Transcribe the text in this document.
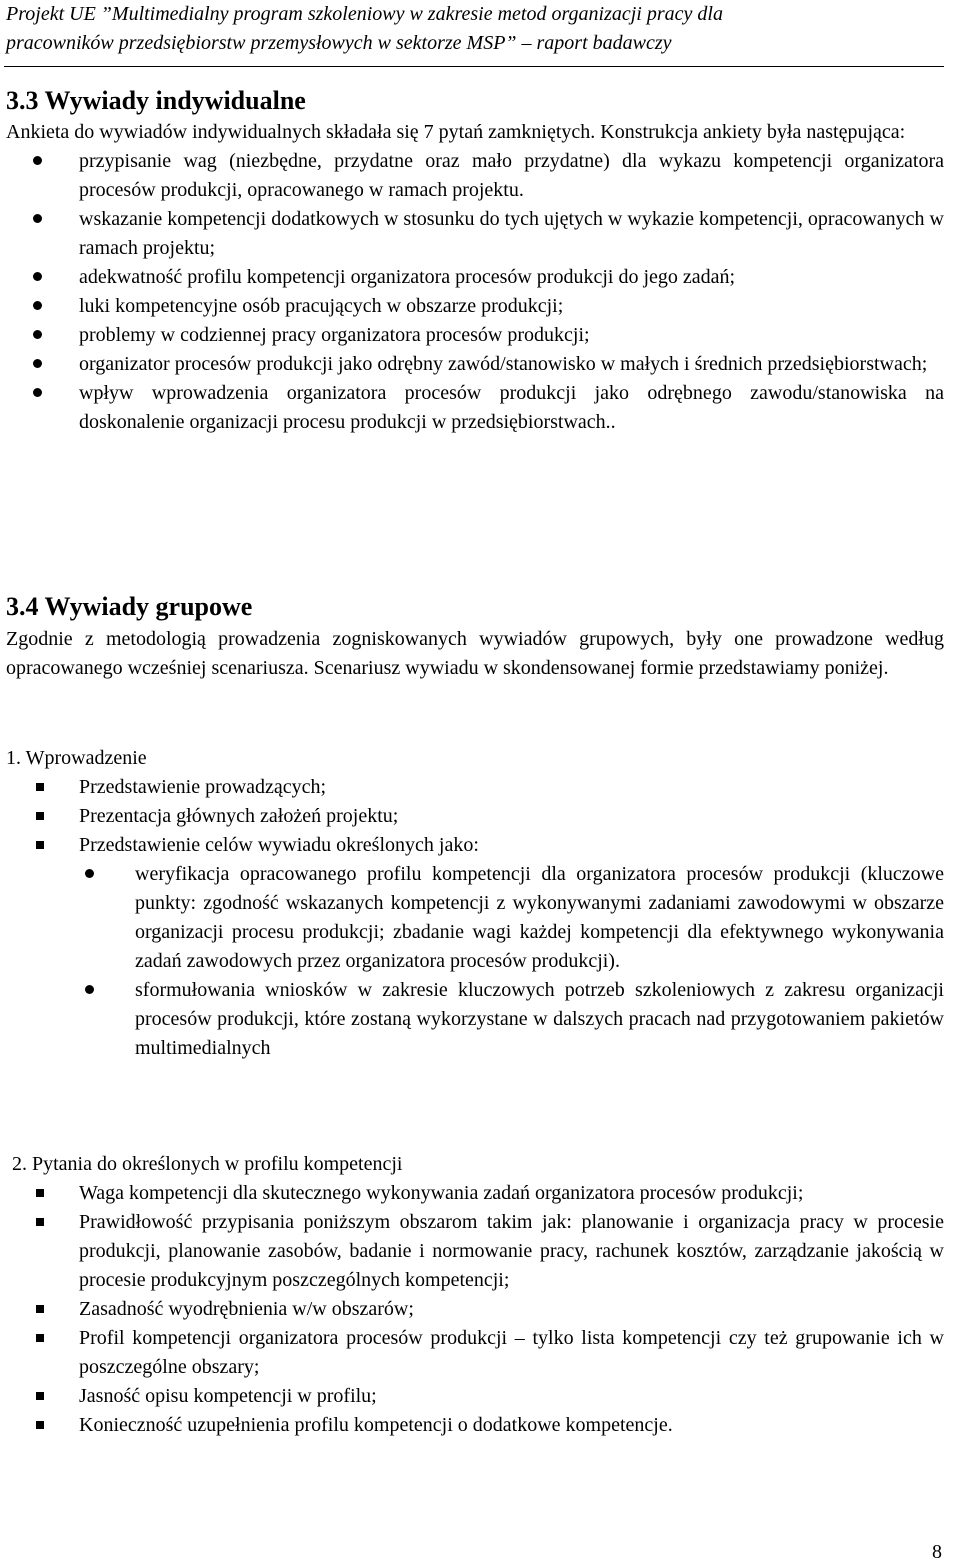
Projekt UE ”Multimedialny program szkoleniowy w zakresie metod organizacji pracy dla
pracowników przedsiębiorstw przemysłowych w sektorze MSP” – raport badawczy
3.3 Wywiady indywidualne
Ankieta do wywiadów indywidualnych składała się 7 pytań zamkniętych. Konstrukcja ankiety była następująca:
przypisanie wag (niezbędne, przydatne oraz mało przydatne) dla wykazu kompetencji organizatora procesów produkcji, opracowanego w ramach projektu.
wskazanie kompetencji dodatkowych w stosunku do tych ujętych w wykazie kompetencji, opracowanych w ramach projektu;
adekwatność profilu kompetencji organizatora procesów produkcji do jego zadań;
luki kompetencyjne osób pracujących w obszarze produkcji;
problemy w codziennej pracy organizatora procesów produkcji;
organizator procesów produkcji jako odrębny zawód/stanowisko w małych i średnich przedsiębiorstwach;
wpływ wprowadzenia organizatora procesów produkcji jako odrębnego zawodu/stanowiska na doskonalenie organizacji procesu produkcji w przedsiębiorstwach..
3.4 Wywiady grupowe
Zgodnie z metodologią prowadzenia zogniskowanych wywiadów grupowych, były one prowadzone według opracowanego wcześniej scenariusza. Scenariusz wywiadu w skondensowanej formie przedstawiamy poniżej.
1. Wprowadzenie
Przedstawienie prowadzących;
Prezentacja głównych założeń projektu;
Przedstawienie celów wywiadu określonych jako:
weryfikacja opracowanego profilu kompetencji dla organizatora procesów produkcji (kluczowe punkty: zgodność wskazanych kompetencji z wykonywanymi zadaniami zawodowymi w obszarze organizacji procesu produkcji; zbadanie wagi każdej kompetencji dla efektywnego wykonywania zadań zawodowych przez organizatora procesów produkcji).
sformułowania wniosków w zakresie kluczowych potrzeb szkoleniowych z zakresu organizacji procesów produkcji, które zostaną wykorzystane w dalszych pracach nad przygotowaniem pakietów multimedialnych
2. Pytania do określonych w profilu kompetencji
Waga kompetencji dla skutecznego wykonywania zadań organizatora procesów produkcji;
Prawidłowość przypisania poniższym obszarom takim jak: planowanie i organizacja pracy w procesie produkcji, planowanie zasobów, badanie i normowanie pracy, rachunek kosztów, zarządzanie jakością w procesie produkcyjnym poszczególnych kompetencji;
Zasadność wyodrębnienia w/w obszarów;
Profil kompetencji organizatora procesów produkcji – tylko lista kompetencji czy też grupowanie ich w poszczególne obszary;
Jasność opisu kompetencji w profilu;
Konieczność uzupełnienia profilu kompetencji o dodatkowe kompetencje.
8
